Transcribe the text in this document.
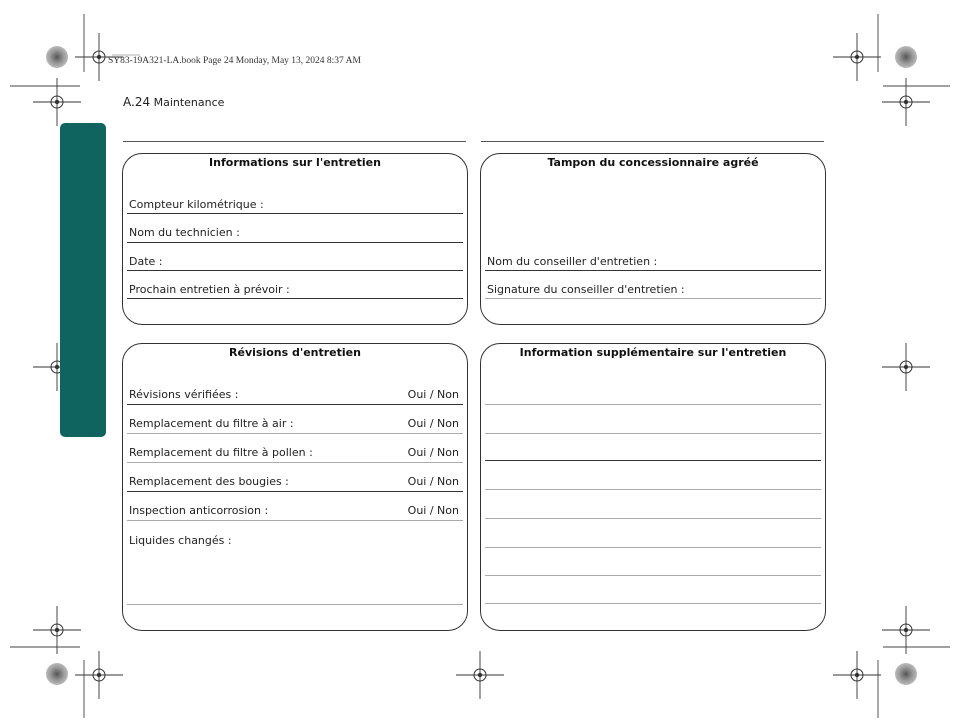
SY83-19A321-LA.book Page 24 Monday, May 13, 2024 8:37 AM
A.24 Maintenance
Informations sur l'entretien
Compteur kilométrique :
Nom du technicien :
Date :
Prochain entretien à prévoir :
Tampon du concessionnaire agréé
Nom du conseiller d'entretien :
Signature du conseiller d'entretien :
Révisions d'entretien
Révisions vérifiées :	Oui / Non
Remplacement du filtre à air :	Oui / Non
Remplacement du filtre à pollen :	Oui / Non
Remplacement des bougies :	Oui / Non
Inspection anticorrosion :	Oui / Non
Liquides changés :
Information supplémentaire sur l'entretien
